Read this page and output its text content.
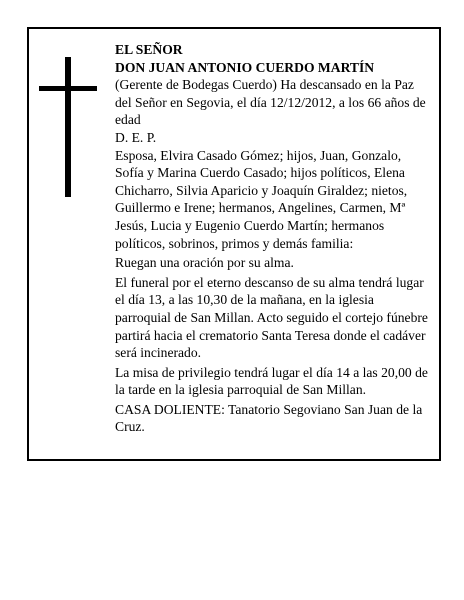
EL SEÑOR

DON JUAN ANTONIO CUERDO MARTÍN

(Gerente de Bodegas Cuerdo) Ha descansado en la Paz del Señor en Segovia, el día 12/12/2012, a los 66 años de edad

D. E. P.

Esposa, Elvira Casado Gómez; hijos, Juan, Gonzalo, Sofía y Marina Cuerdo Casado; hijos políticos, Elena Chicharro, Silvia Aparicio y Joaquín Giraldez; nietos, Guillermo e Irene; hermanos, Angelines, Carmen, Mª Jesús, Lucia y Eugenio Cuerdo Martín; hermanos políticos, sobrinos, primos y demás familia:

Ruegan una oración por su alma.

El funeral por el eterno descanso de su alma tendrá lugar el día 13, a las 10,30 de la mañana, en la iglesia parroquial de San Millan. Acto seguido el cortejo fúnebre partirá hacia el crematorio Santa Teresa donde el cadáver será incinerado.

La misa de privilegio tendrá lugar el día 14 a las 20,00 de la tarde en la iglesia parroquial de San Millan.

CASA DOLIENTE: Tanatorio Segoviano San Juan de la Cruz.
